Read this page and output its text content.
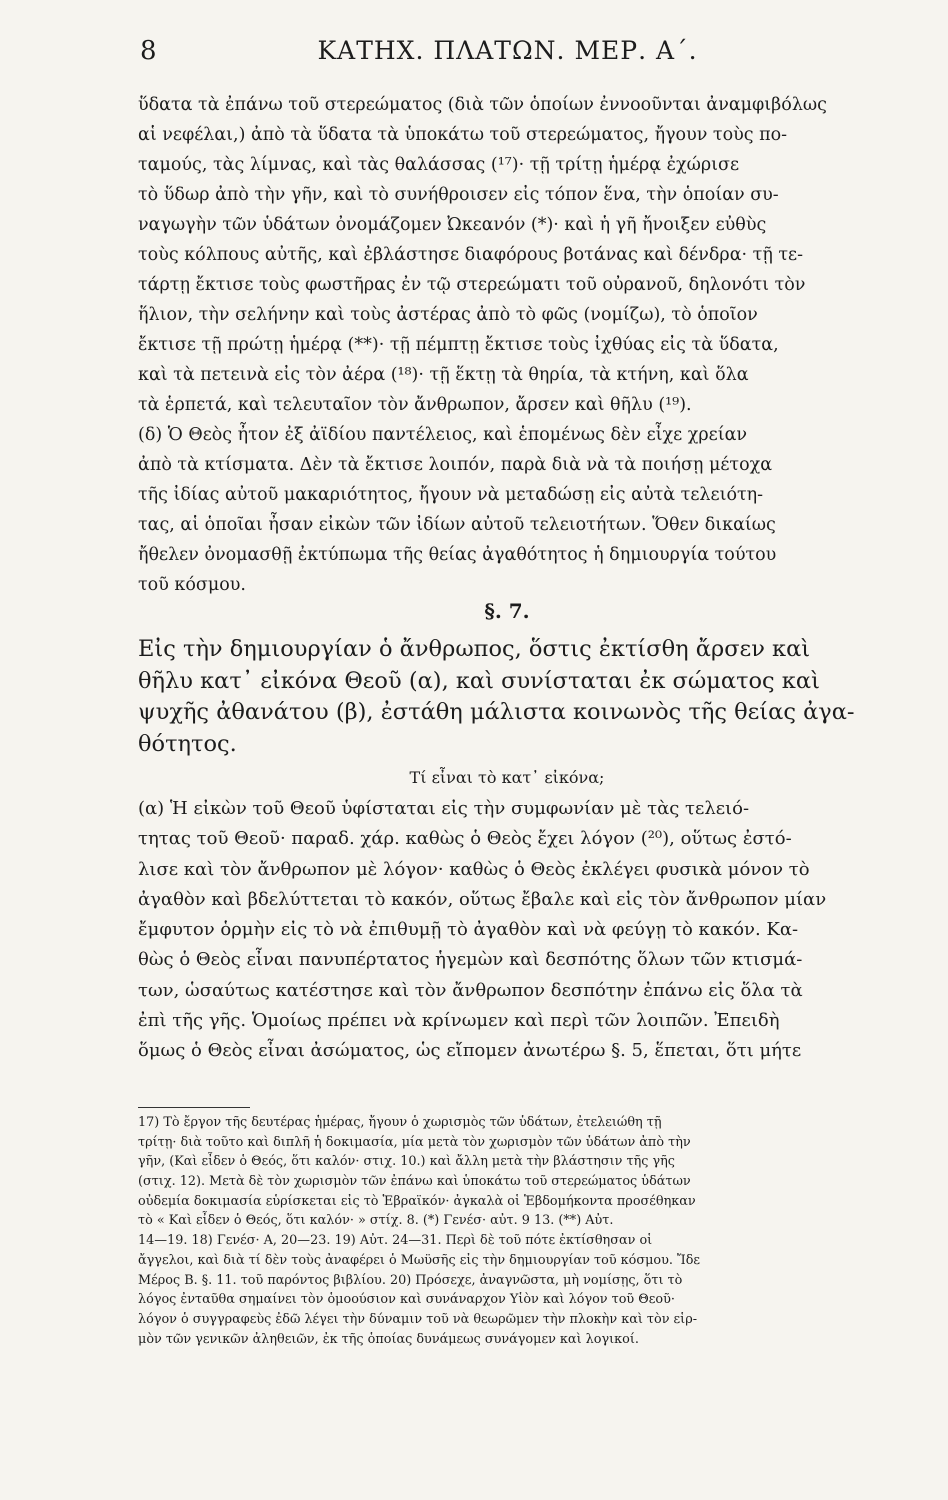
8	ΚΑΤΗΧ. ΠΛΑΤΩΝ. ΜΕΡ. Α΄.
ὕδατα τὰ ἐπάνω τοῦ στερεώματος (διὰ τῶν ὁποίων ἐννοοῦνται ἀναμφιβόλως
αἱ νεφέλαι,) ἀπὸ τὰ ὕδατα τὰ ὑποκάτω τοῦ στερεώματος, ἤγουν τοὺς πο-
ταμούς, τὰς λίμνας, καὶ τὰς θαλάσσας (¹⁷)· τῇ τρίτῃ ἡμέρᾳ ἐχώρισε
τὸ ὕδωρ ἀπὸ τὴν γῆν, καὶ τὸ συνήθροισεν εἰς τόπον ἕνα, τὴν ὁποίαν συ-
ναγωγὴν τῶν ὑδάτων ὀνομάζομεν Ὠκεανόν (*)· καὶ ἡ γῆ ἤνοιξεν εὐθὺς
τοὺς κόλπους αὐτῆς, καὶ ἐβλάστησε διαφόρους βοτάνας καὶ δένδρα· τῇ τε-
τάρτῃ ἔκτισε τοὺς φωστῆρας ἐν τῷ στερεώματι τοῦ οὐρανοῦ, δηλονότι τὸν
ἥλιον, τὴν σελήνην καὶ τοὺς ἀστέρας ἀπὸ τὸ φῶς (νομίζω), τὸ ὁποῖον
ἔκτισε τῇ πρώτῃ ἡμέρᾳ (**)· τῇ πέμπτῃ ἔκτισε τοὺς ἰχθύας εἰς τὰ ὕδατα,
καὶ τὰ πετεινὰ εἰς τὸν ἀέρα (¹⁸)· τῇ ἕκτῃ τὰ θηρία, τὰ κτήνη, καὶ ὅλα
τὰ ἑρπετά, καὶ τελευταῖον τὸν ἄνθρωπον, ἄρσεν καὶ θῆλυ (¹⁹).
(δ) Ὁ Θεὸς ἦτον ἐξ ἀϊδίου παντέλειος, καὶ ἑπομένως δὲν εἶχε χρείαν
ἀπὸ τὰ κτίσματα. Δὲν τὰ ἔκτισε λοιπόν, παρὰ διὰ νὰ τὰ ποιήσῃ μέτοχα
τῆς ἰδίας αὐτοῦ μακαριότητος, ἤγουν νὰ μεταδώσῃ εἰς αὐτὰ τελειότη-
τας, αἱ ὁποῖαι ἦσαν εἰκὼν τῶν ἰδίων αὐτοῦ τελειοτήτων. Ὅθεν δικαίως
ἤθελεν ὀνομασθῇ ἐκτύπωμα τῆς θείας ἀγαθότητος ἡ δημιουργία τούτου
τοῦ κόσμου.
§. 7.
Εἰς τὴν δημιουργίαν ὁ ἄνθρωπος, ὅστις ἐκτίσθη ἄρσεν καὶ
θῆλυ κατ᾽ εἰκόνα Θεοῦ (α), καὶ συνίσταται ἐκ σώματος καὶ
ψυχῆς ἀθανάτου (β), ἐστάθη μάλιστα κοινωνὸς τῆς θείας ἀγα-
θότητος.
Τί εἶναι τὸ κατ᾽ εἰκόνα;
(α) Ἡ εἰκὼν τοῦ Θεοῦ ὑφίσταται εἰς τὴν συμφωνίαν μὲ τὰς τελειό-
τητας τοῦ Θεοῦ· παραδ. χάρ. καθὼς ὁ Θεὸς ἔχει λόγον (²⁰), οὕτως ἐστό-
λισε καὶ τὸν ἄνθρωπον μὲ λόγον· καθὼς ὁ Θεὸς ἐκλέγει φυσικὰ μόνον τὸ
ἀγαθὸν καὶ βδελύττεται τὸ κακόν, οὕτως ἔβαλε καὶ εἰς τὸν ἄνθρωπον μίαν
ἔμφυτον ὁρμὴν εἰς τὸ νὰ ἐπιθυμῇ τὸ ἀγαθὸν καὶ νὰ φεύγῃ τὸ κακόν. Κα-
θὼς ὁ Θεὸς εἶναι πανυπέρτατος ἡγεμὼν καὶ δεσπότης ὅλων τῶν κτισμά-
των, ὡσαύτως κατέστησε καὶ τὸν ἄνθρωπον δεσπότην ἐπάνω εἰς ὅλα τὰ
ἐπὶ τῆς γῆς. Ὁμοίως πρέπει νὰ κρίνωμεν καὶ περὶ τῶν λοιπῶν. Ἐπειδὴ
ὅμως ὁ Θεὸς εἶναι ἀσώματος, ὡς εἴπομεν ἀνωτέρω §. 5, ἕπεται, ὅτι μήτε
17) Τὸ ἔργον τῆς δευτέρας ἡμέρας, ἤγουν ὁ χωρισμὸς τῶν ὑδάτων, ἐτελειώθη τῇ
τρίτῃ· διὰ τοῦτο καὶ διπλῆ ἡ δοκιμασία, μία μετὰ τὸν χωρισμὸν τῶν ὑδάτων ἀπὸ τὴν
γῆν, (Καὶ εἶδεν ὁ Θεός, ὅτι καλόν· στιχ. 10.) καὶ ἄλλη μετὰ τὴν βλάστησιν τῆς γῆς
(στιχ. 12). Μετὰ δὲ τὸν χωρισμὸν τῶν ἐπάνω καὶ ὑποκάτω τοῦ στερεώματος ὑδάτων
οὐδεμία δοκιμασία εὑρίσκεται εἰς τὸ Ἑβραϊκόν· ἀγκαλὰ οἱ Ἑβδομήκοντα προσέθηκαν
τὸ « Καὶ εἶδεν ὁ Θεός, ὅτι καλόν· » στίχ. 8. (*) Γενέσ· αὐτ. 9 13. (**) Αὐτ.
14—19. 18) Γενέσ· Α, 20—23. 19) Αὐτ. 24—31. Περὶ δὲ τοῦ πότε ἐκτίσθησαν οἱ
ἄγγελοι, καὶ διὰ τί δὲν τοὺς ἀναφέρει ὁ Μωϋσῆς εἰς τὴν δημιουργίαν τοῦ κόσμου. Ἴδε
Μέρος Β. §. 11. τοῦ παρόντος βιβλίου. 20) Πρόσεχε, ἀναγνῶστα, μὴ νομίσῃς, ὅτι τὸ
λόγος ἐνταῦθα σημαίνει τὸν ὁμοούσιον καὶ συνάναρχον Υἱὸν καὶ λόγον τοῦ Θεοῦ·
λόγον ὁ συγγραφεὺς ἐδῶ λέγει τὴν δύναμιν τοῦ νὰ θεωρῶμεν τὴν πλοκὴν καὶ τὸν εἱρ-
μὸν τῶν γενικῶν ἀληθειῶν, ἐκ τῆς ὁποίας δυνάμεως συνάγομεν καὶ λογικοί.
